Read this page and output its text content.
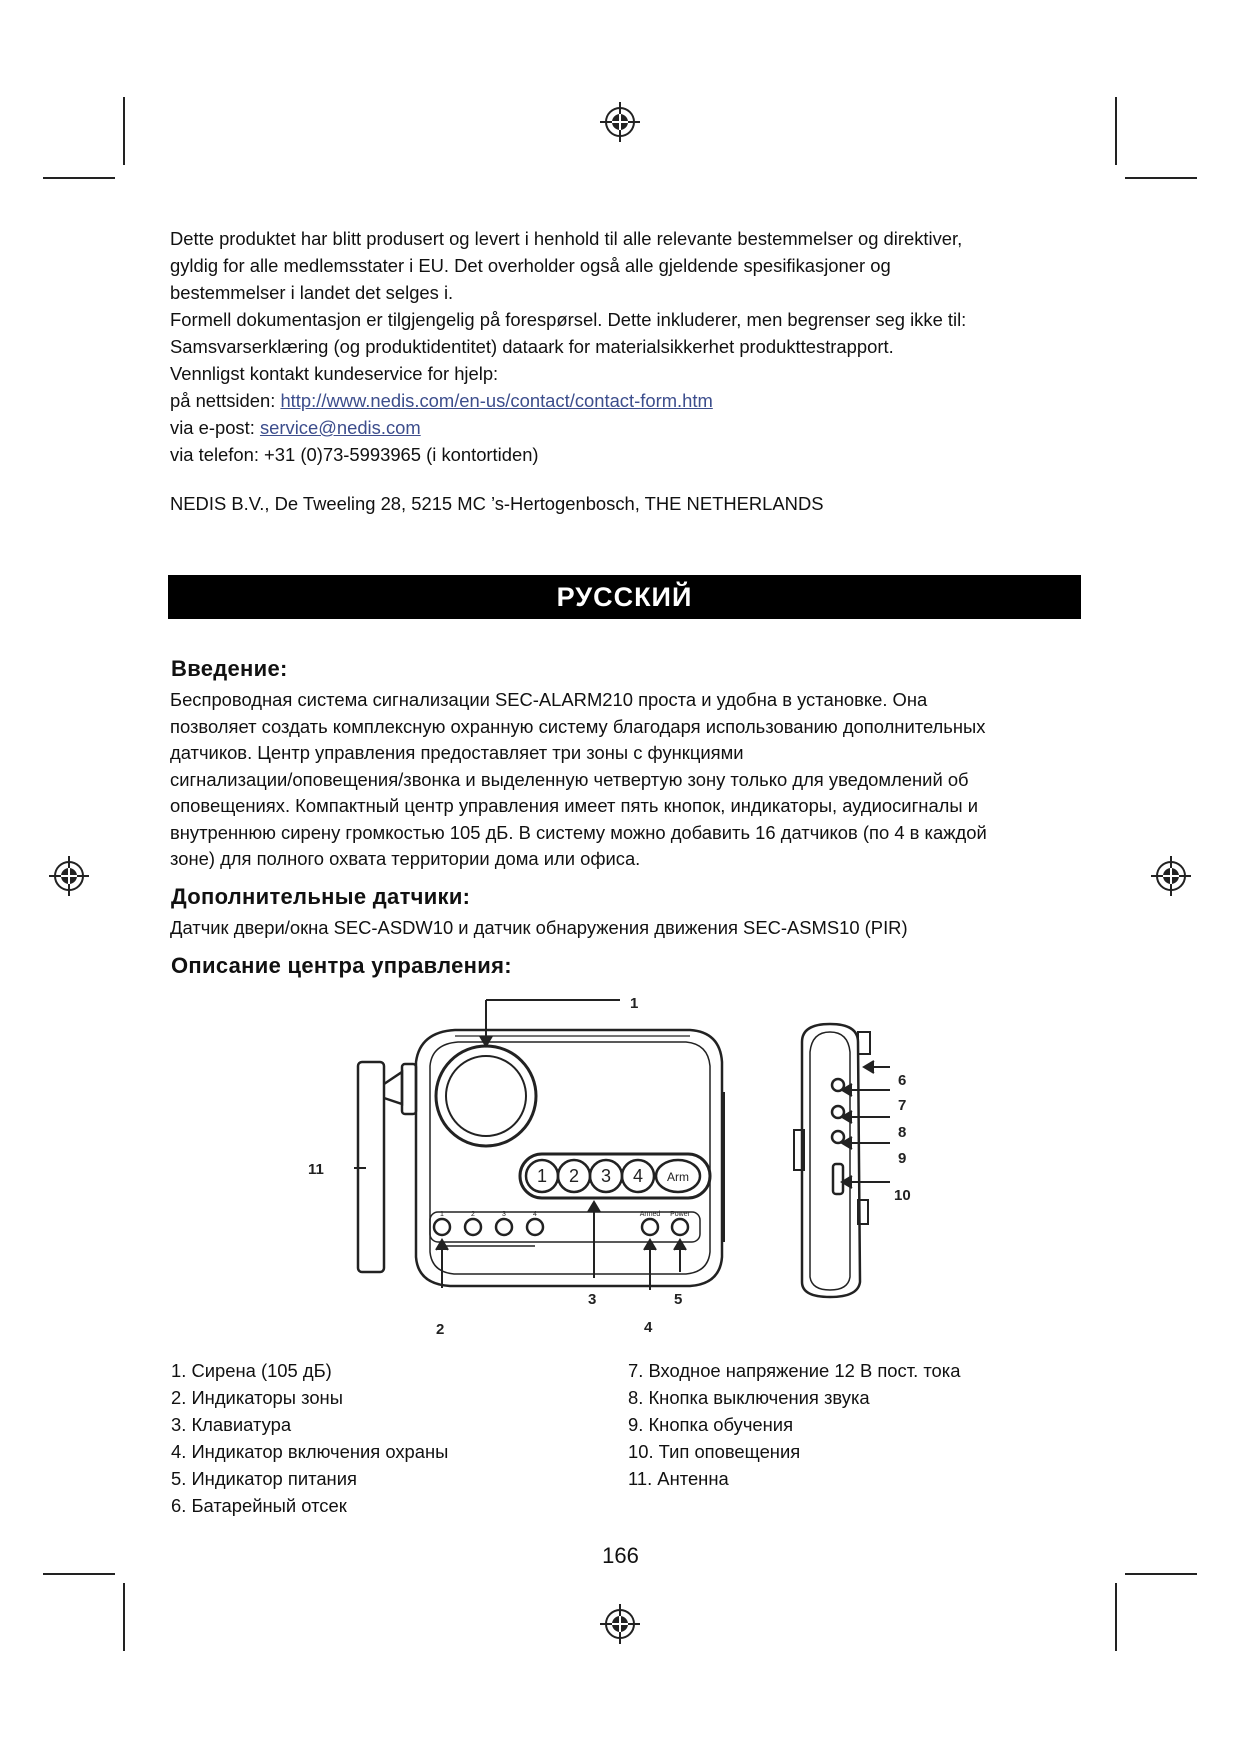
Dette produktet har blitt produsert og levert i henhold til alle relevante bestemmelser og direktiver,

gyldig for alle medlemsstater i EU. Det overholder også alle gjeldende spesifikasjoner og

bestemmelser i landet det selges i.

Formell dokumentasjon er tilgjengelig på forespørsel. Dette inkluderer, men begrenser seg ikke til:

Samsvarserklæring (og produktidentitet) dataark for materialsikkerhet produkttestrapport.

Vennligst kontakt kundeservice for hjelp:

på nettsiden: http://www.nedis.com/en-us/contact/contact-form.htm

via e-post: service@nedis.com

via telefon: +31 (0)73-5993965 (i kontortiden)

NEDIS B.V., De Tweeling 28, 5215 MC ’s-Hertogenbosch, THE NETHERLANDS

РУССКИЙ
Введение:

Беспроводная система сигнализации SEC-ALARM210 проста и удобна в установке. Она

позволяет создать комплексную охранную систему благодаря использованию дополнительных

датчиков. Центр управления предоставляет три зоны с функциями

сигнализации/оповещения/звонка и выделенную четвертую зону только для уведомлений об

оповещениях. Компактный центр управления имеет пять кнопок, индикаторы, аудиосигналы и

внутреннюю сирену громкостью 105 дБ. В систему можно добавить 16 датчиков (по 4 в каждой

зоне) для полного охвата территории дома или офиса.

Дополнительные датчики:

Датчик двери/окна SEC-ASDW10 и датчик обнаружения движения SEC-ASMS10 (PIR)

Описание центра управления:
1
11
2
3
4
5
6
7
8
9
10
1 2 3 4 Arm
1	2	3	4	Armed Power
1. Сирена (105 дБ)
2. Индикаторы зоны
3. Клавиатура
4. Индикатор включения охраны
5. Индикатор питания
6. Батарейный отсек
7. Входное напряжение 12 В пост. тока
8. Кнопка выключения звука
9. Кнопка обучения
10. Тип оповещения
11. Антенна
166
